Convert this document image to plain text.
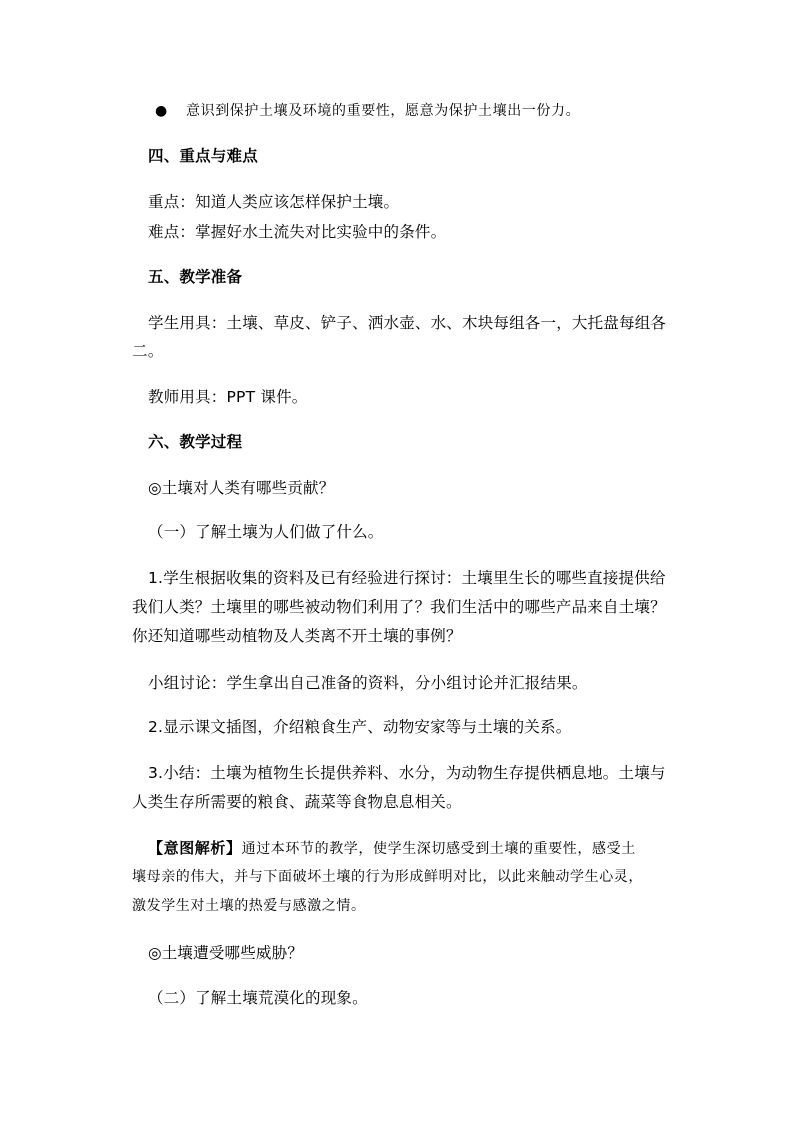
● 意识到保护土壤及环境的重要性，愿意为保护土壤出一份力。
四、重点与难点
重点：知道人类应该怎样保护土壤。
难点：掌握好水土流失对比实验中的条件。
五、教学准备
学生用具：土壤、草皮、铲子、洒水壶、水、木块每组各一，大托盘每组各
二。
教师用具：PPT 课件。
六、教学过程
◎土壤对人类有哪些贡献？
（一）了解土壤为人们做了什么。
1.学生根据收集的资料及已有经验进行探讨：土壤里生长的哪些直接提供给
我们人类？土壤里的哪些被动物们利用了？我们生活中的哪些产品来自土壤？
你还知道哪些动植物及人类离不开土壤的事例？
小组讨论：学生拿出自己准备的资料，分小组讨论并汇报结果。
2.显示课文插图，介绍粮食生产、动物安家等与土壤的关系。
3.小结：土壤为植物生长提供养料、水分，为动物生存提供栖息地。土壤与
人类生存所需要的粮食、蔬菜等食物息息相关。
【意图解析】通过本环节的教学，使学生深切感受到土壤的重要性，感受土
壤母亲的伟大，并与下面破坏土壤的行为形成鲜明对比，以此来触动学生心灵，
激发学生对土壤的热爱与感激之情。
◎土壤遭受哪些威胁？
（二）了解土壤荒漠化的现象。
